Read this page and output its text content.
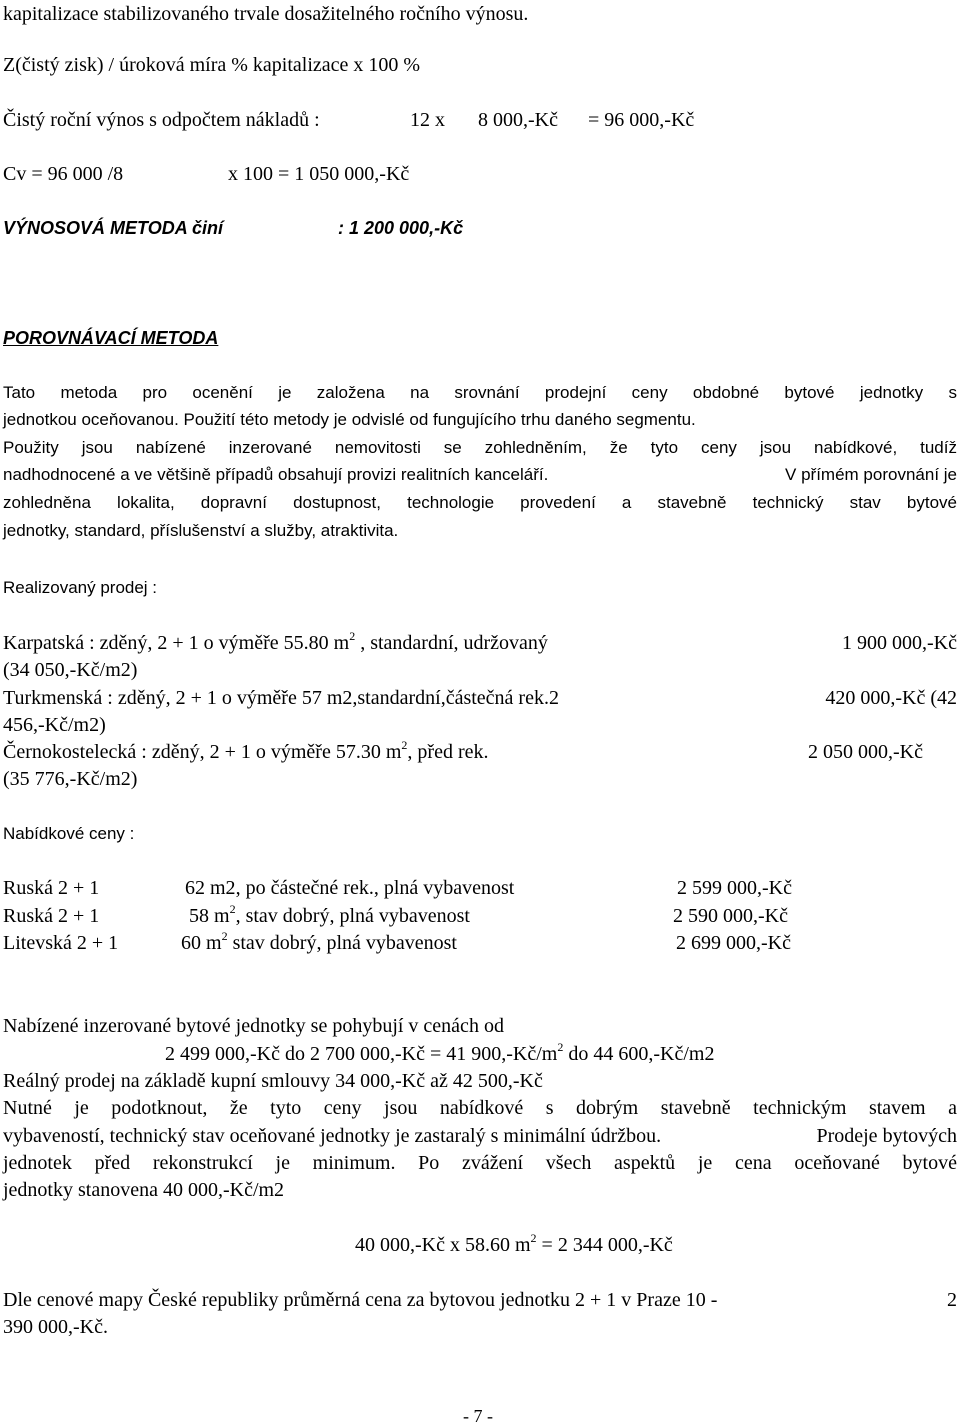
kapitalizace stabilizovaného trvale dosažitelného ročního výnosu.
Z(čistý zisk) / úroková míra % kapitalizace x 100 %
Čistý roční výnos s odpočtem nákladů :	12 x 8 000,-Kč = 96 000,-Kč
Cv = 96 000 /8	x 100 = 1 050 000,-Kč
VÝNOSOVÁ METODA činí	: 1 200 000,-Kč
POROVNÁVACÍ METODA
Tato metoda pro ocenění je založena na srovnání prodejní ceny obdobné bytové jednotky s
jednotkou oceňovanou. Použití této metody je odvislé od fungujícího trhu daného segmentu.
Použity jsou nabízené inzerované nemovitosti se zohledněním, že tyto ceny jsou nabídkové, tudíž
nadhodnocené a ve většině případů obsahují provizi realitních kanceláří.	V přímém porovnání je
zohledněna lokalita, dopravní dostupnost, technologie provedení a stavebně technický stav bytové
jednotky, standard, příslušenství a služby, atraktivita.
Realizovaný prodej :
Karpatská : zděný, 2 + 1 o výměře 55.80 $m^2$ , standardní, udržovaný	1 900 000,-Kč
(34 050,-Kč/m2)
Turkmenská : zděný, 2 + 1 o výměře 57 m2,standardní,částečná rek.2	420 000,-Kč (42
456,-Kč/m2)
Černokostelecká : zděný, 2 + 1 o výměře 57.30 $m^2$, před rek.	2 050 000,-Kč
(35 776,-Kč/m2)
Nabídkové ceny :
Ruská 2 + 1	62 m2, po částečné rek., plná vybavenost	2 599 000,-Kč
Ruská 2 + 1	58 $m^2$, stav dobrý, plná vybavenost	2 590 000,-Kč
Litevská 2 + 1	60 $m^2$ stav dobrý, plná vybavenost	2 699 000,-Kč
Nabízené inzerované bytové jednotky se pohybují v cenách od
2 499 000,-Kč do 2 700 000,-Kč = 41 $900,-Kč/m^2$ do 44 600,-Kč/m2
Reálný prodej na základě kupní smlouvy 34 000,-Kč až 42 500,-Kč
Nutné je podotknout, že tyto ceny jsou nabídkové s dobrým stavebně technickým stavem a
vybaveností, technický stav oceňované jednotky je zastaralý s minimální údržbou.	Prodeje bytových
jednotek před rekonstrukcí je minimum. Po zvážení všech aspektů je cena oceňované bytové
jednotky stanovena 40 000,-Kč/m2
40 000,-Kč x 58.60 $m^2 = 2$ 344 000,-Kč
Dle cenové mapy České republiky průměrná cena za bytovou jednotku 2 + 1 v Praze 10 -	2
390 000,-Kč.
- 7 -
